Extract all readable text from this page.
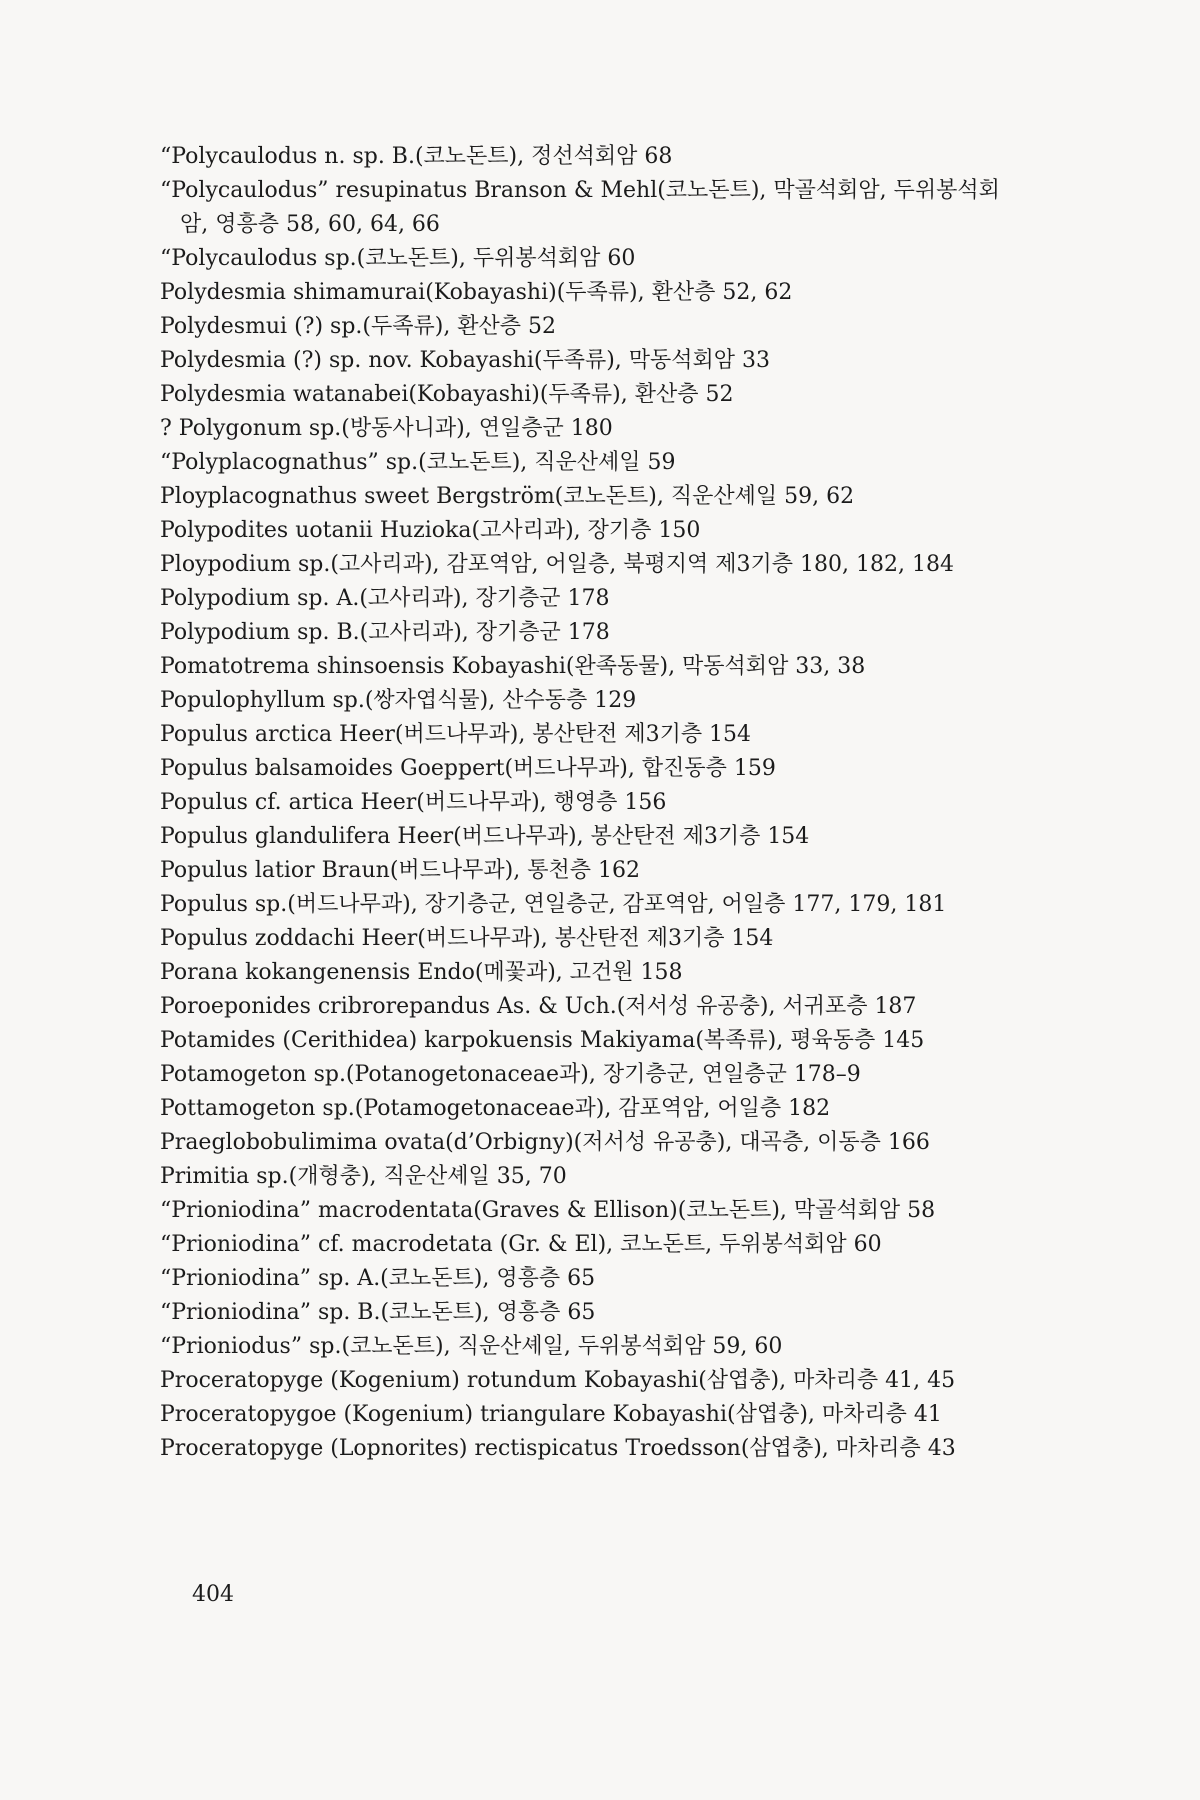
“Polycaulodus n. sp. B.(코노돈트), 정선석회암 68
“Polycaulodus” resupinatus Branson & Mehl(코노돈트), 막골석회암, 두위봉석회
암, 영흥층 58, 60, 64, 66
“Polycaulodus sp.(코노돈트), 두위봉석회암 60
Polydesmia shimamurai(Kobayashi)(두족류), 환산층 52, 62
Polydesmui (?) sp.(두족류), 환산층 52
Polydesmia (?) sp. nov. Kobayashi(두족류), 막동석회암 33
Polydesmia watanabei(Kobayashi)(두족류), 환산층 52
? Polygonum sp.(방동사니과), 연일층군 180
“Polyplacognathus” sp.(코노돈트), 직운산셰일 59
Ployplacognathus sweet Bergström(코노돈트), 직운산셰일 59, 62
Polypodites uotanii Huzioka(고사리과), 장기층 150
Ploypodium sp.(고사리과), 감포역암, 어일층, 북평지역 제3기층 180, 182, 184
Polypodium sp. A.(고사리과), 장기층군 178
Polypodium sp. B.(고사리과), 장기층군 178
Pomatotrema shinsoensis Kobayashi(완족동물), 막동석회암 33, 38
Populophyllum sp.(쌍자엽식물), 산수동층 129
Populus arctica Heer(버드나무과), 봉산탄전 제3기층 154
Populus balsamoides Goeppert(버드나무과), 합진동층 159
Populus cf. artica Heer(버드나무과), 행영층 156
Populus glandulifera Heer(버드나무과), 봉산탄전 제3기층 154
Populus latior Braun(버드나무과), 통천층 162
Populus sp.(버드나무과), 장기층군, 연일층군, 감포역암, 어일층 177, 179, 181
Populus zoddachi Heer(버드나무과), 봉산탄전 제3기층 154
Porana kokangenensis Endo(메꽃과), 고건원 158
Poroeponides cribrorepandus As. & Uch.(저서성 유공충), 서귀포층 187
Potamides (Cerithidea) karpokuensis Makiyama(복족류), 평육동층 145
Potamogeton sp.(Potanogetonaceae과), 장기층군, 연일층군 178–9
Pottamogeton sp.(Potamogetonaceae과), 감포역암, 어일층 182
Praeglobobulimima ovata(d’Orbigny)(저서성 유공충), 대곡층, 이동층 166
Primitia sp.(개형충), 직운산셰일 35, 70
“Prioniodina” macrodentata(Graves & Ellison)(코노돈트), 막골석회암 58
“Prioniodina” cf. macrodetata (Gr. & El), 코노돈트, 두위봉석회암 60
“Prioniodina” sp. A.(코노돈트), 영흥층 65
“Prioniodina” sp. B.(코노돈트), 영흥층 65
“Prioniodus” sp.(코노돈트), 직운산셰일, 두위봉석회암 59, 60
Proceratopyge (Kogenium) rotundum Kobayashi(삼엽충), 마차리층 41, 45
Proceratopygoe (Kogenium) triangulare Kobayashi(삼엽충), 마차리층 41
Proceratopyge (Lopnorites) rectispicatus Troedsson(삼엽충), 마차리층 43
404
